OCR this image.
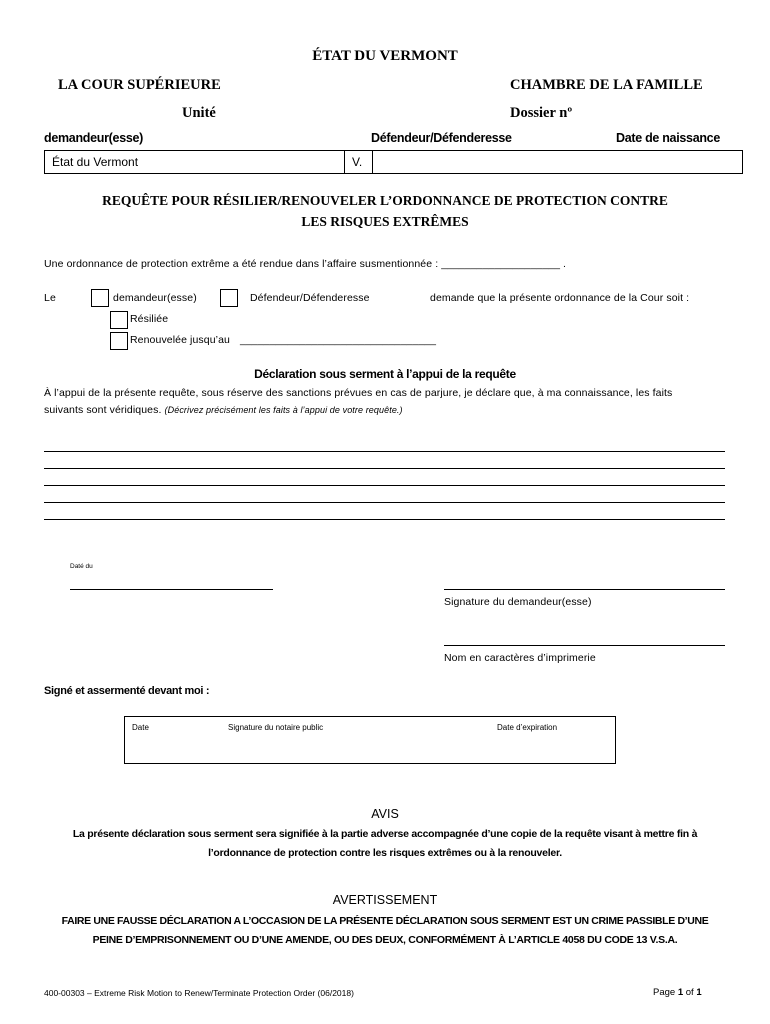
ÉTAT DU VERMONT
LA COUR SUPÉRIEURE	CHAMBRE DE LA FAMILLE
Unité	Dossier nº
demandeur(esse)	Défendeur/Défenderesse	Date de naissance
État du Vermont	V.
REQUÊTE POUR RÉSILIER/RENOUVELER L’ORDONNANCE DE PROTECTION CONTRE
LES RISQUES EXTRÊMES
Une ordonnance de protection extrême a été rendue dans l’affaire susmentionnée : ____________________ .
Le	demandeur(esse)	Défendeur/Défenderesse	demande que la présente ordonnance de la Cour soit :
Résiliée
Renouvelée jusqu’au _________________________________
Déclaration sous serment à l’appui de la requête
À l’appui de la présente requête, sous réserve des sanctions prévues en cas de parjure, je déclare que, à ma connaissance, les faits
suivants sont véridiques. (Décrivez précisément les faits à l’appui de votre requête.)
Daté du
Signature du demandeur(esse)
Nom en caractères d’imprimerie
Signé et assermenté devant moi :
Date	Signature du notaire public	Date d’expiration
AVIS
La présente déclaration sous serment sera signifiée à la partie adverse accompagnée d’une copie de la requête visant à mettre fin à
l’ordonnance de protection contre les risques extrêmes ou à la renouveler.
AVERTISSEMENT
FAIRE UNE FAUSSE DÉCLARATION A L’OCCASION DE LA PRÉSENTE DÉCLARATION SOUS SERMENT EST UN CRIME PASSIBLE D’UNE
PEINE D’EMPRISONNEMENT OU D’UNE AMENDE, OU DES DEUX, CONFORMÉMENT À L’ARTICLE 4058 DU CODE 13 V.S.A.
400-00303 – Extreme Risk Motion to Renew/Terminate Protection Order (06/2018)	Page 1 of 1
